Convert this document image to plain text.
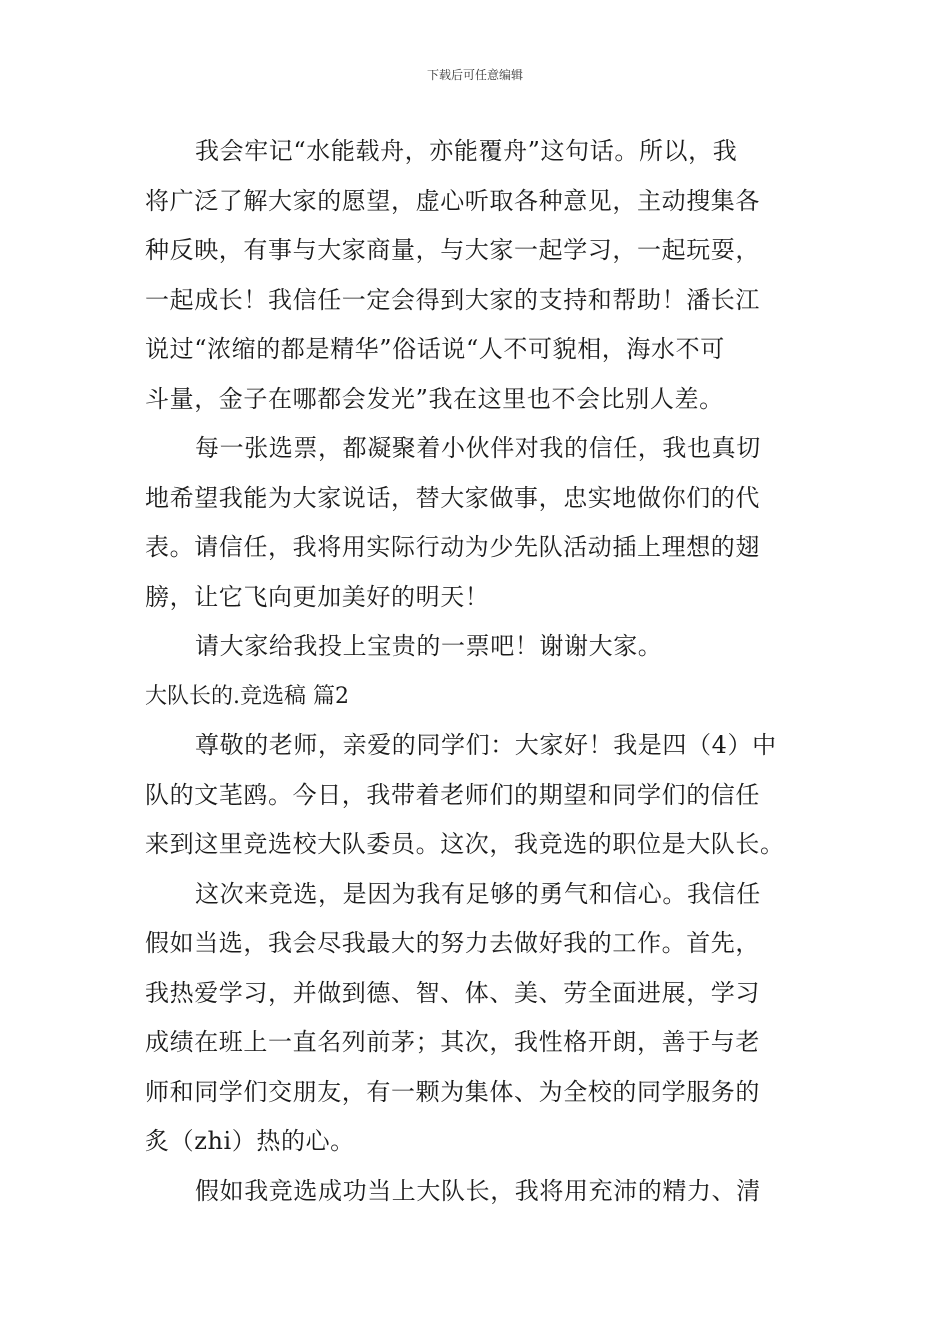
下载后可任意编辑
我会牢记“水能载舟，亦能覆舟”这句话。所以，我
将广泛了解大家的愿望，虚心听取各种意见，主动搜集各
种反映，有事与大家商量，与大家一起学习，一起玩耍，
一起成长！我信任一定会得到大家的支持和帮助！潘长江
说过“浓缩的都是精华”俗话说“人不可貌相，海水不可
斗量，金子在哪都会发光”我在这里也不会比别人差。
每一张选票，都凝聚着小伙伴对我的信任，我也真切
地希望我能为大家说话，替大家做事，忠实地做你们的代
表。请信任，我将用实际行动为少先队活动插上理想的翅
膀，让它飞向更加美好的明天！
请大家给我投上宝贵的一票吧！谢谢大家。
大队长的.竞选稿 篇2
尊敬的老师，亲爱的同学们：大家好！我是四（4）中
队的文芼鸥。今日，我带着老师们的期望和同学们的信任
来到这里竞选校大队委员。这次，我竞选的职位是大队长。
这次来竞选，是因为我有足够的勇气和信心。我信任
假如当选，我会尽我最大的努力去做好我的工作。首先，
我热爱学习，并做到德、智、体、美、劳全面进展，学习
成绩在班上一直名列前茅；其次，我性格开朗，善于与老
师和同学们交朋友，有一颗为集体、为全校的同学服务的
炙（zhi）热的心。
假如我竞选成功当上大队长，我将用充沛的精力、清
